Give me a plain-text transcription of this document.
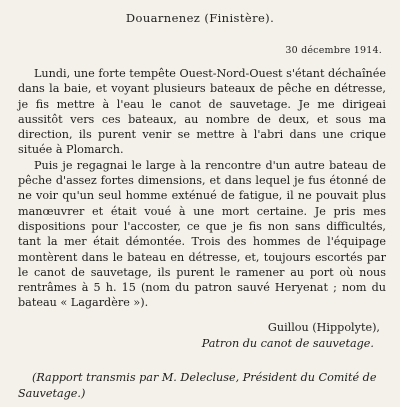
Douarnenez (Finistère).
30 décembre 1914.

Lundi, une forte tempête Ouest-Nord-Ouest s'étant déchaînée dans la baie, et voyant plusieurs bateaux de pêche en détresse, je fis mettre à l'eau le canot de sauvetage. Je me dirigeai aussitôt vers ces bateaux, au nombre de deux, et sous ma direction, ils purent venir se mettre à l'abri dans une crique située à Plomarch.

Puis je regagnai le large à la rencontre d'un autre bateau de pêche d'assez fortes dimensions, et dans lequel je fus étonné de ne voir qu'un seul homme exténué de fatigue, il ne pouvait plus manœuvrer et était voué à une mort certaine. Je pris mes dispositions pour l'accoster, ce que je fis non sans difficultés, tant la mer était démontée. Trois des hommes de l'équipage montèrent dans le bateau en détresse, et, toujours escortés par le canot de sauvetage, ils purent le ramener au port où nous rentrâmes à 5 h. 15 (nom du patron sauvé Heryenat ; nom du bateau « Lagardère »).

Guillou (Hippolyte),
Patron du canot de sauvetage.

(Rapport transmis par M. Delecluse, Président du Comité de Sauvetage.)
